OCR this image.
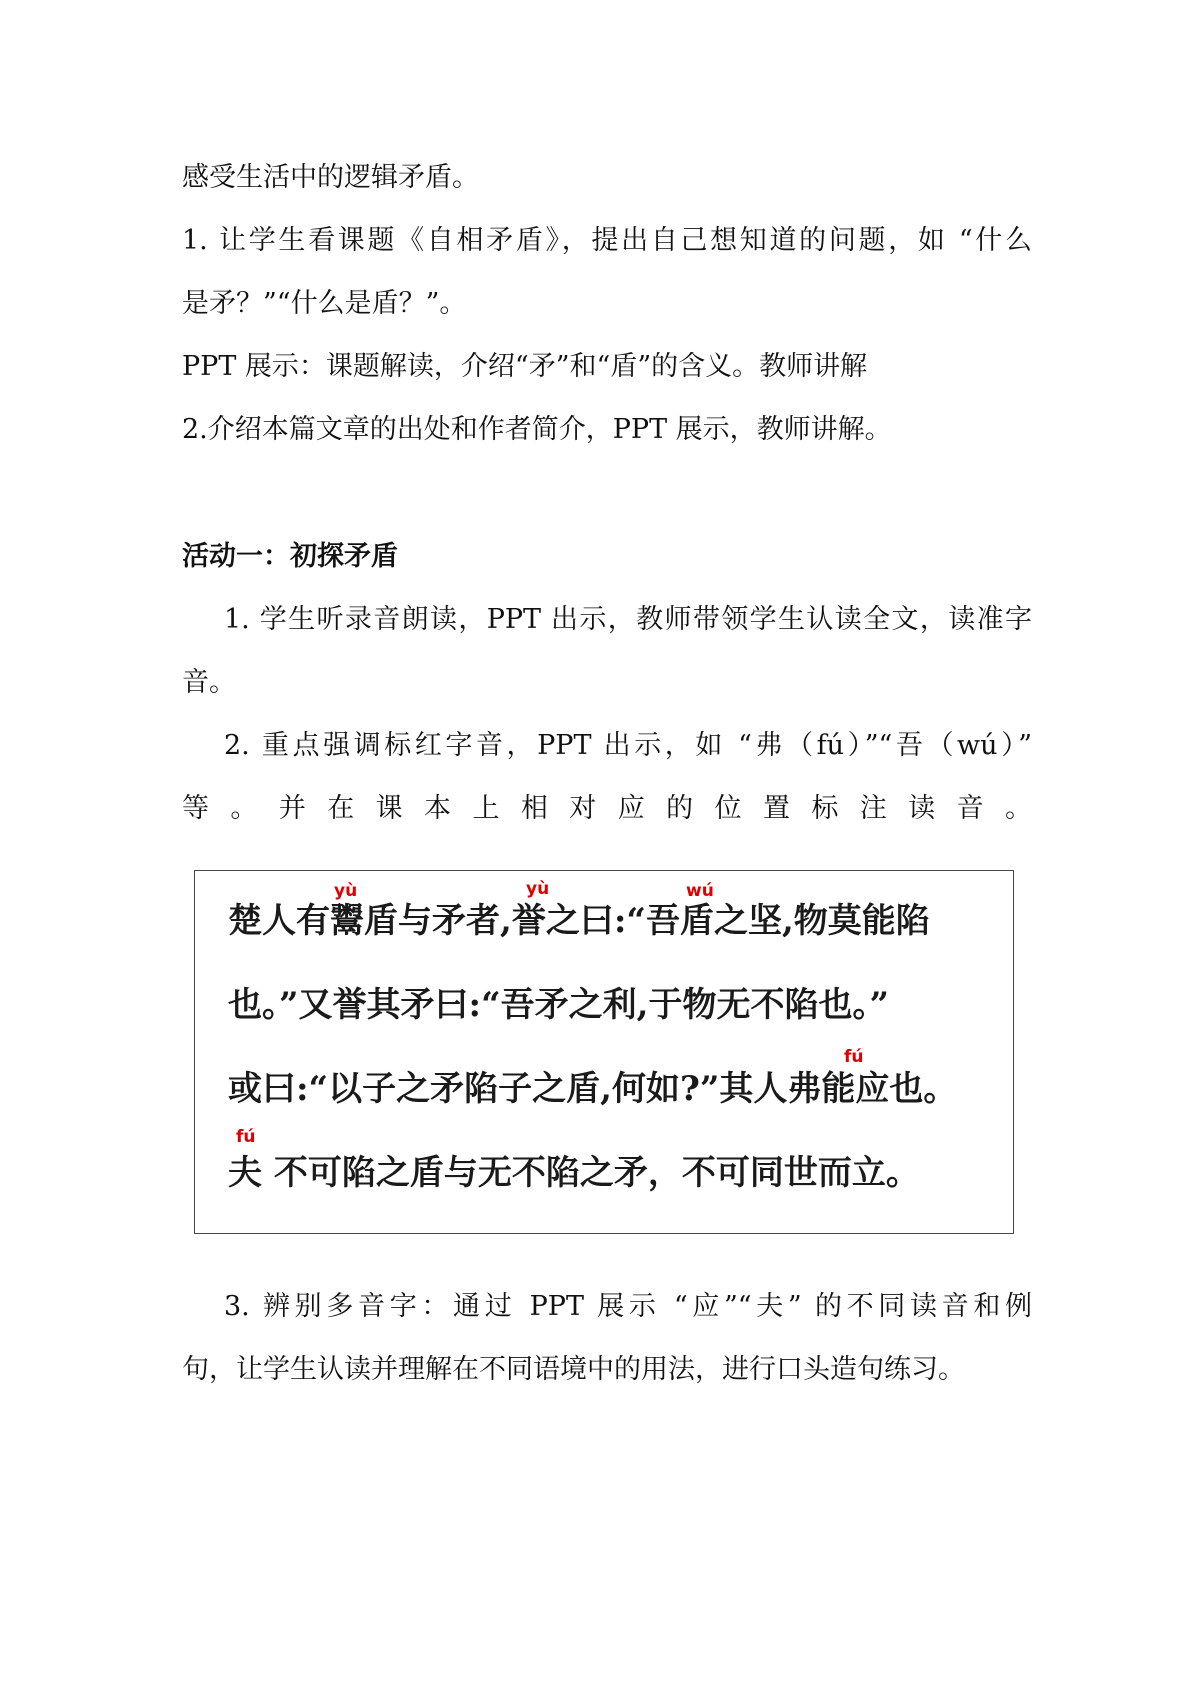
感受生活中的逻辑矛盾。

1. 让学生看课题《自相矛盾》，提出自己想知道的问题，如 “什么

是矛？”“什么是盾？”。

PPT 展示：课题解读，介绍“矛”和“盾”的含义。教师讲解

2.介绍本篇文章的出处和作者简介，PPT 展示，教师讲解。

活动一：初探矛盾

1. 学生听录音朗读，PPT 出示，教师带领学生认读全文，读准字

音。

2. 重点强调标红字音，PPT 出示，如 “弗（fú）”“吾（wú）”

等 。 并 在 课 本 上 相 对 应 的 位 置 标 注 读 音 。

yù	yù	wú

楚人有鬻盾与矛者,誉之曰:“吾盾之坚,物莫能陷

也。”又誉其矛曰:“吾矛之利,于物无不陷也。”

fú

或曰:“以子之矛陷子之盾,何如?”其人弗能应也。

fú

夫 不可陷之盾与无不陷之矛，不可同世而立。

3. 辨别多音字：通过 PPT 展示 “应”“夫” 的不同读音和例

句，让学生认读并理解在不同语境中的用法，进行口头造句练习。
